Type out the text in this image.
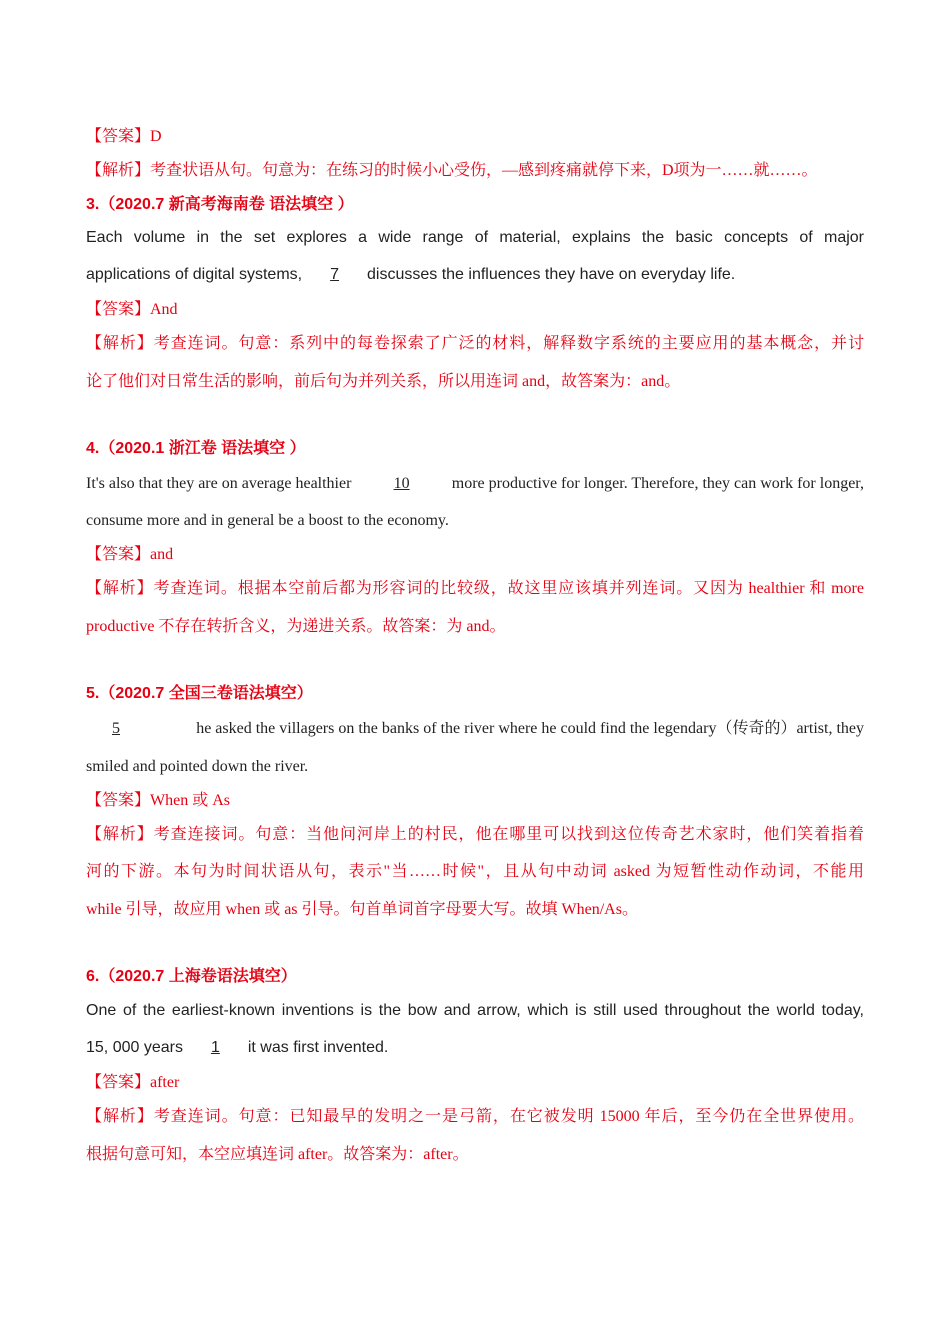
【答案】D
【解析】考查状语从句。句意为：在练习的时候小心受伤，—感到疼痛就停下来，D项为一……就……。
3.（2020.7 新高考海南卷 语法填空 ）
Each volume in the set explores a wide range of material, explains the basic concepts of major
applications of digital systems, 7 discusses the influences they have on everyday life.
【答案】And
【解析】考查连词。句意：系列中的每卷探索了广泛的材料，解释数字系统的主要应用的基本概念，并讨
论了他们对日常生活的影响，前后句为并列关系，所以用连词 and，故答案为：and。
4.（2020.1 浙江卷 语法填空 ）
It's also that they are on average healthier	10	more productive for longer. Therefore, they can work for longer,
consume more and in general be a boost to the economy.
【答案】and
【解析】考查连词。根据本空前后都为形容词的比较级，故这里应该填并列连词。又因为 healthier 和 more
productive 不存在转折含义，为递进关系。故答案：为 and。
5.（2020.7 全国三卷语法填空）
5	he asked the villagers on the banks of the river where he could find the legendary（传奇的）artist, they
smiled and pointed down the river.
【答案】When 或 As
【解析】考查连接词。句意：当他问河岸上的村民，他在哪里可以找到这位传奇艺术家时，他们笑着指着
河的下游。本句为时间状语从句，表示"当……时候"，且从句中动词 asked 为短暂性动作动词，不能用
while 引导，故应用 when 或 as 引导。句首单词首字母要大写。故填 When/As。
6.（2020.7 上海卷语法填空）
One of the earliest-known inventions is the bow and arrow, which is still used throughout the world today,
15, 000 years 1 it was first invented.
【答案】after
【解析】考查连词。句意：已知最早的发明之一是弓箭，在它被发明 15000 年后，至今仍在全世界使用。
根据句意可知，本空应填连词 after。故答案为：after。
